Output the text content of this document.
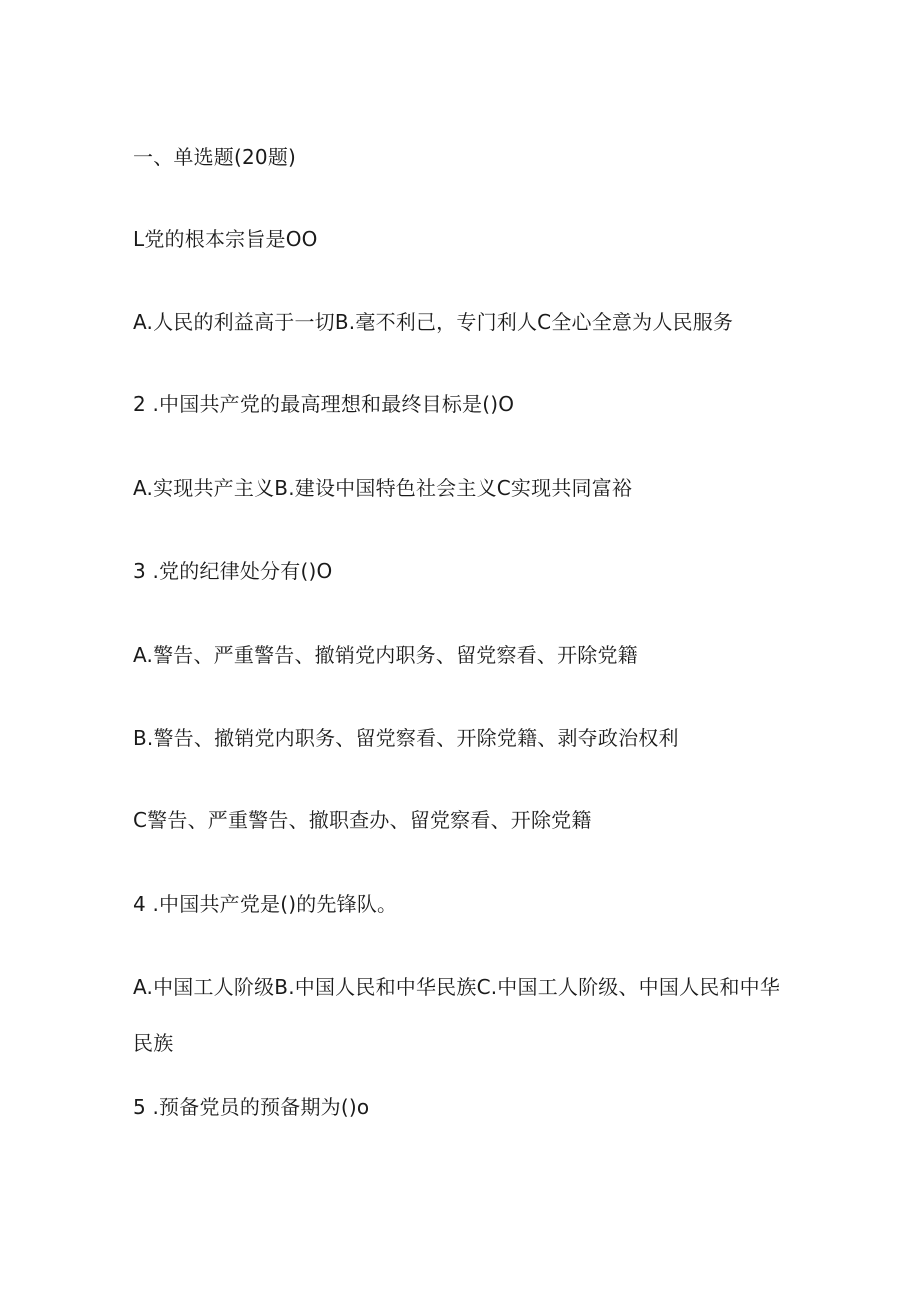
一、单选题(20题)
L党的根本宗旨是OO
A.人民的利益高于一切B.毫不利己，专门利人C全心全意为人民服务
2 .中国共产党的最高理想和最终目标是()O
A.实现共产主义B.建设中国特色社会主义C实现共同富裕
3 .党的纪律处分有()O
A.警告、严重警告、撤销党内职务、留党察看、开除党籍
B.警告、撤销党内职务、留党察看、开除党籍、剥夺政治权利
C警告、严重警告、撤职查办、留党察看、开除党籍
4 .中国共产党是()的先锋队。
A.中国工人阶级B.中国人民和中华民族C.中国工人阶级、中国人民和中华民族
5 .预备党员的预备期为()o
